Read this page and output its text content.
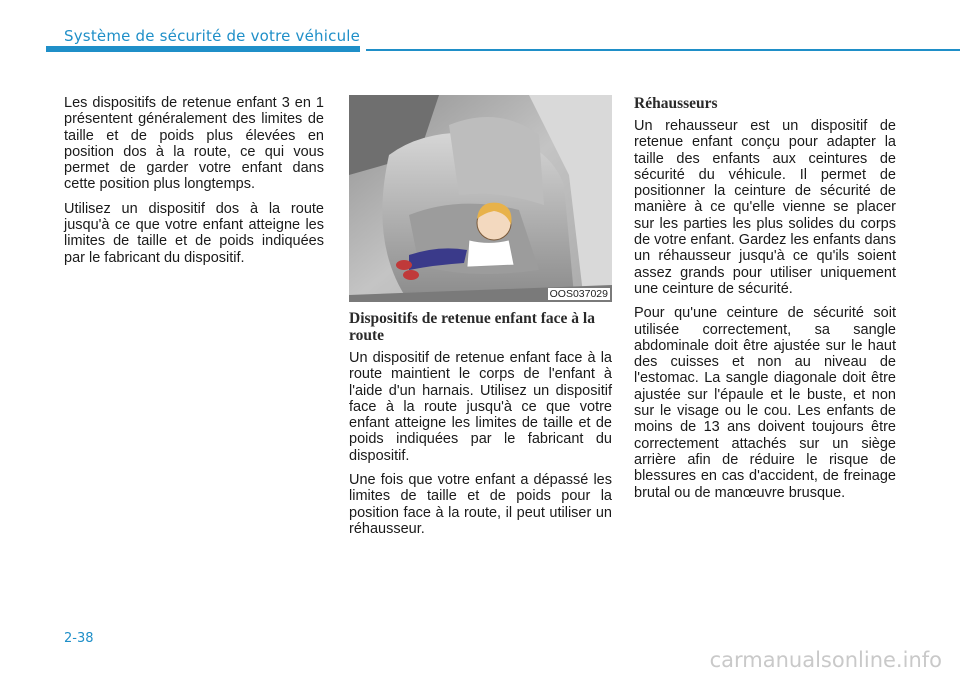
Système de sécurité de votre véhicule

Les dispositifs de retenue enfant 3 en 1 présentent généralement des limites de taille et de poids plus élevées en position dos à la route, ce qui vous permet de garder votre enfant dans cette position plus longtemps.

Utilisez un dispositif dos à la route jusqu'à ce que votre enfant atteigne les limites de taille et de poids indiquées par le fabricant du dispositif.

OOS037029
Dispositifs de retenue enfant face à la route

Un dispositif de retenue enfant face à la route maintient le corps de l'enfant à l'aide d'un harnais. Utilisez un dispositif face à la route jusqu'à ce que votre enfant atteigne les limites de taille et de poids indiquées par le fabricant du dispositif.

Une fois que votre enfant a dépassé les limites de taille et de poids pour la position face à la route, il peut utiliser un réhausseur.

Réhausseurs

Un rehausseur est un dispositif de retenue enfant conçu pour adapter la taille des enfants aux ceintures de sécurité du véhicule. Il permet de positionner la ceinture de sécurité de manière à ce qu'elle vienne se placer sur les parties les plus solides du corps de votre enfant. Gardez les enfants dans un réhausseur jusqu'à ce qu'ils soient assez grands pour utiliser uniquement une ceinture de sécurité.

Pour qu'une ceinture de sécurité soit utilisée correctement, sa sangle abdominale doit être ajustée sur le haut des cuisses et non au niveau de l'estomac. La sangle diagonale doit être ajustée sur l'épaule et le buste, et non sur le visage ou le cou. Les enfants de moins de 13 ans doivent toujours être correctement attachés sur un siège arrière afin de réduire le risque de blessures en cas d'accident, de freinage brutal ou de manœuvre brusque.

2-38
carmanualsonline.info
